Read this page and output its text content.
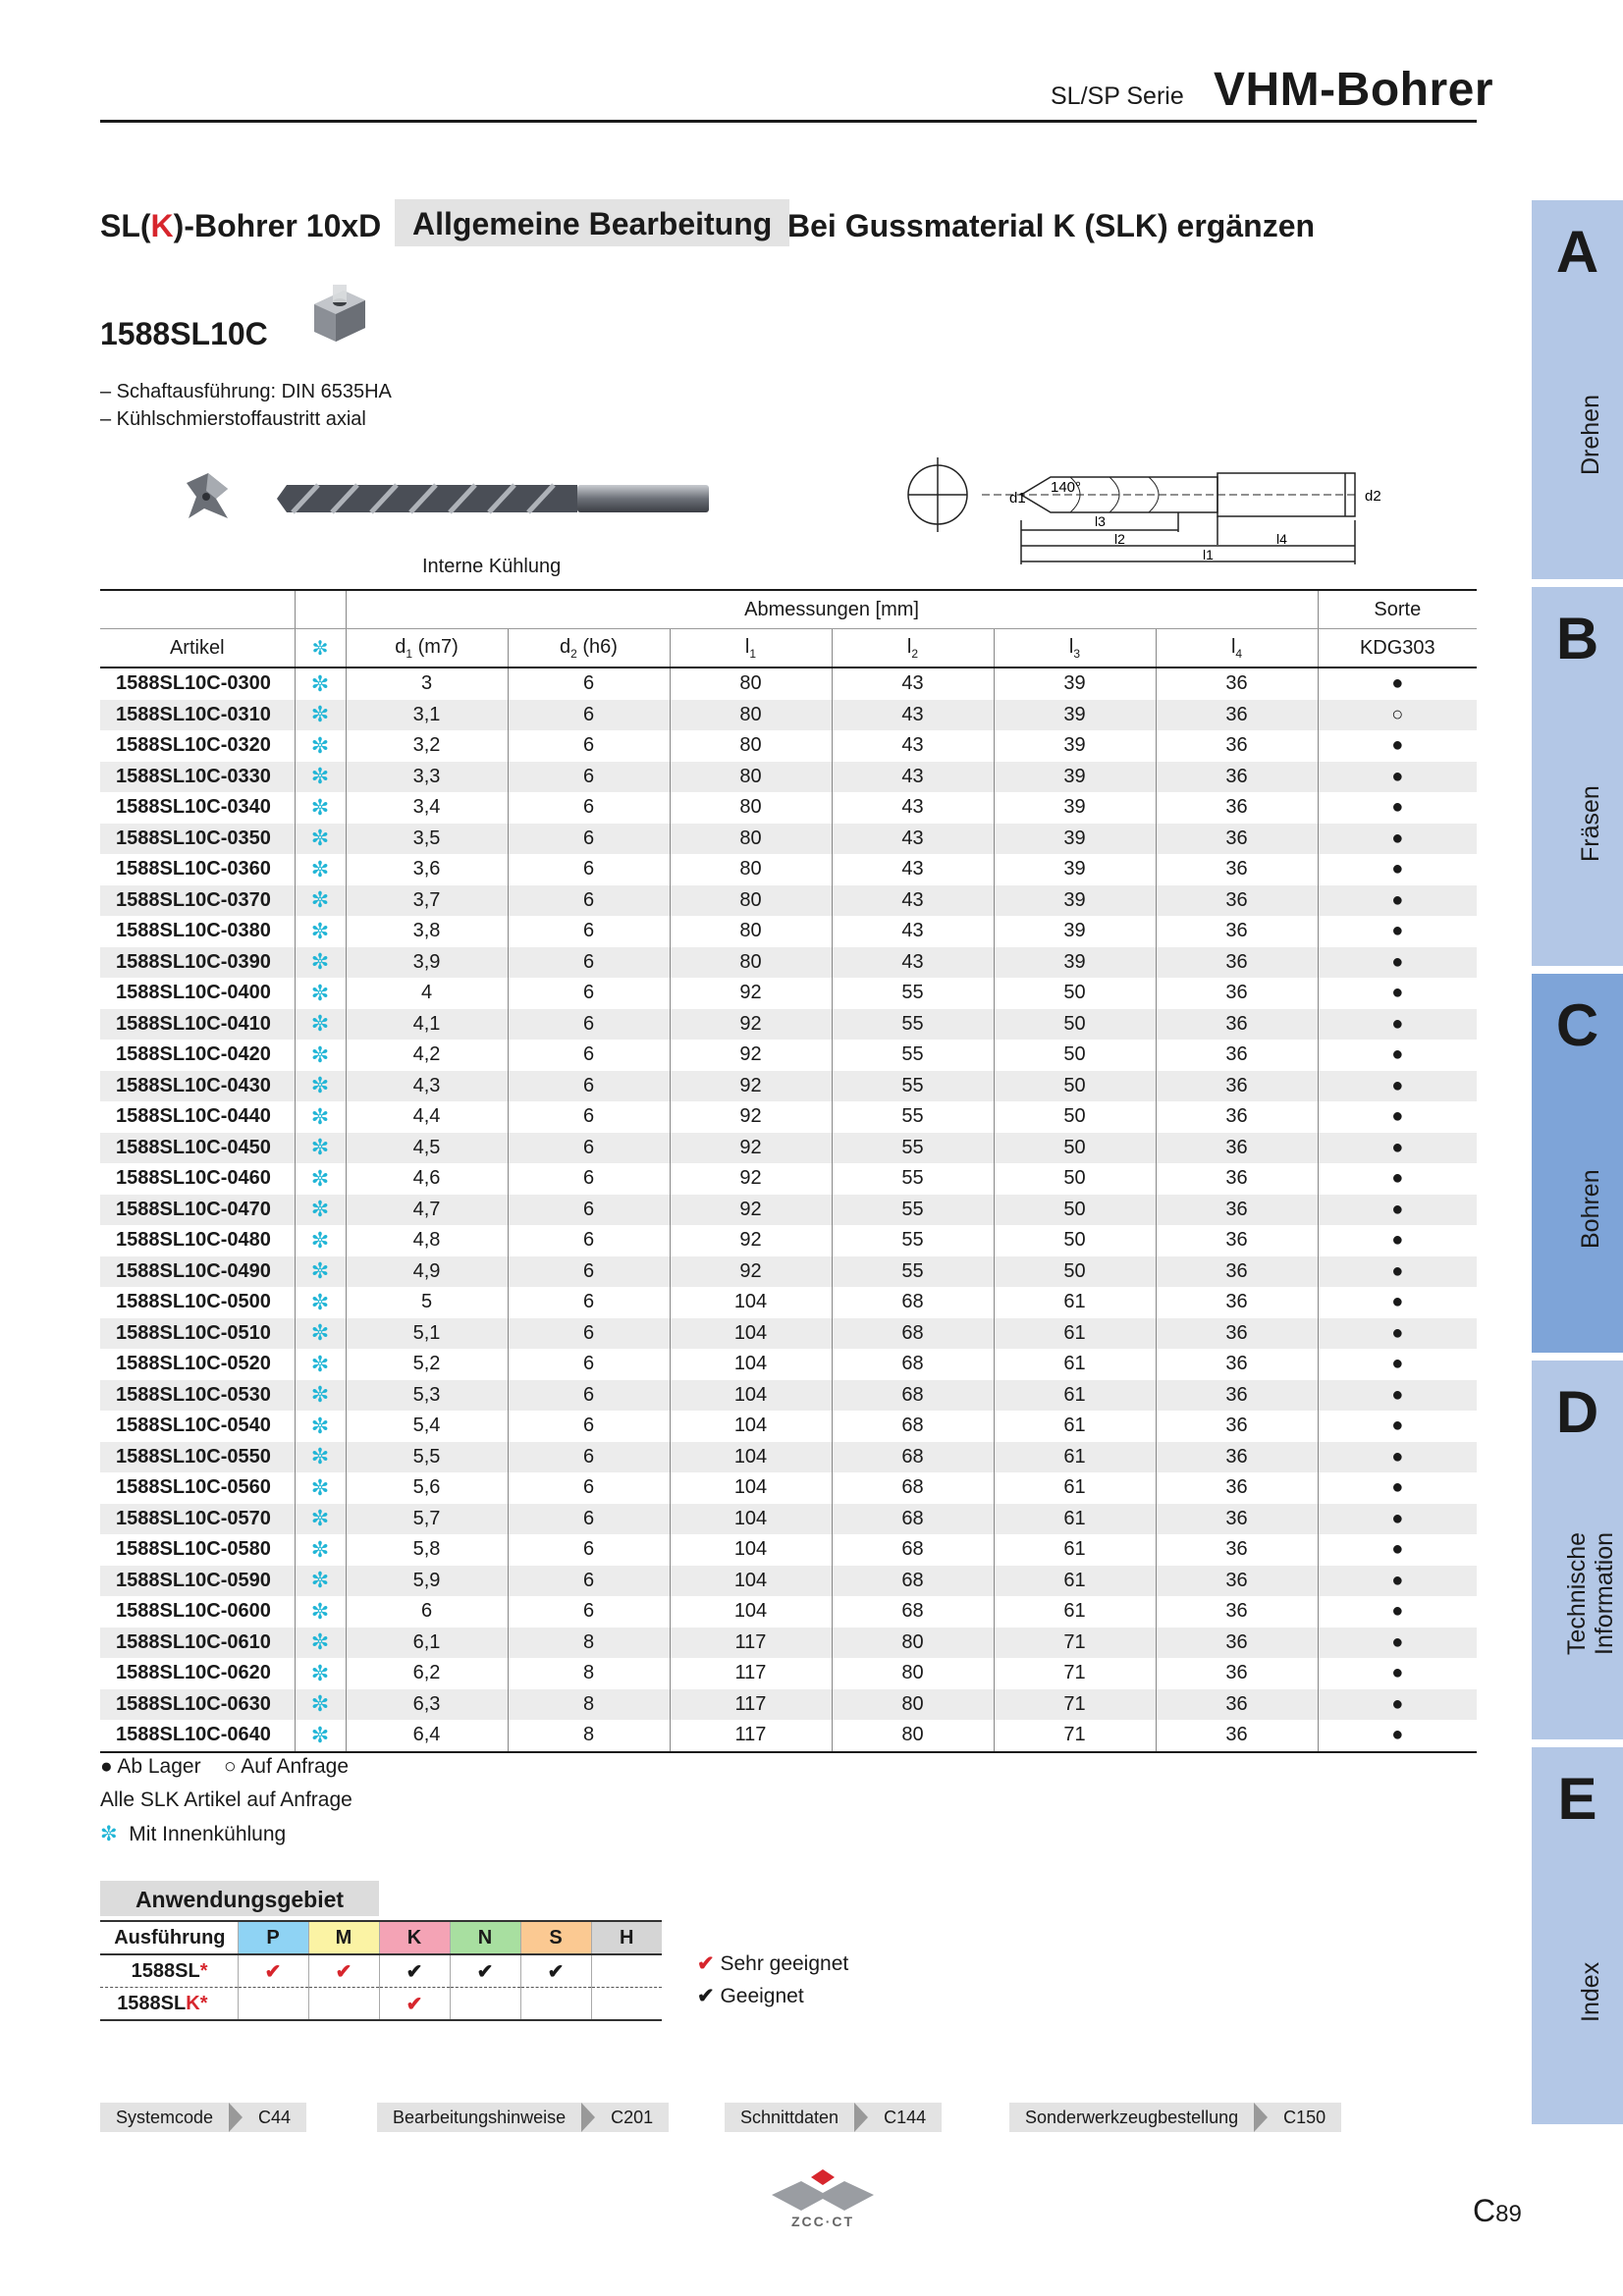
SL/SP Serie VHM-Bohrer
SL(K)-Bohrer 10xD Allgemeine Bearbeitung Bei Gussmaterial K (SLK) ergänzen
1588SL10C
– Schaftausführung: DIN 6535HA
– Kühlschmierstoffaustritt axial
Interne Kühlung
140°
d1	d2
l3
l2	l4
l1
		Abmessungen [mm]						Sorte
Artikel	✼	$d_1$ (m7)	$d_2$ (h6)	$l_1$	$l_2$	$l_3$	$l_4$	KDG303
1588SL10C-0300	✼	3	6	80	43	39	36	●
1588SL10C-0310	✼	3,1	6	80	43	39	36	○
1588SL10C-0320	✼	3,2	6	80	43	39	36	●
1588SL10C-0330	✼	3,3	6	80	43	39	36	●
1588SL10C-0340	✼	3,4	6	80	43	39	36	●
1588SL10C-0350	✼	3,5	6	80	43	39	36	●
1588SL10C-0360	✼	3,6	6	80	43	39	36	●
1588SL10C-0370	✼	3,7	6	80	43	39	36	●
1588SL10C-0380	✼	3,8	6	80	43	39	36	●
1588SL10C-0390	✼	3,9	6	80	43	39	36	●
1588SL10C-0400	✼	4	6	92	55	50	36	●
1588SL10C-0410	✼	4,1	6	92	55	50	36	●
1588SL10C-0420	✼	4,2	6	92	55	50	36	●
1588SL10C-0430	✼	4,3	6	92	55	50	36	●
1588SL10C-0440	✼	4,4	6	92	55	50	36	●
1588SL10C-0450	✼	4,5	6	92	55	50	36	●
1588SL10C-0460	✼	4,6	6	92	55	50	36	●
1588SL10C-0470	✼	4,7	6	92	55	50	36	●
1588SL10C-0480	✼	4,8	6	92	55	50	36	●
1588SL10C-0490	✼	4,9	6	92	55	50	36	●
1588SL10C-0500	✼	5	6	104	68	61	36	●
1588SL10C-0510	✼	5,1	6	104	68	61	36	●
1588SL10C-0520	✼	5,2	6	104	68	61	36	●
1588SL10C-0530	✼	5,3	6	104	68	61	36	●
1588SL10C-0540	✼	5,4	6	104	68	61	36	●
1588SL10C-0550	✼	5,5	6	104	68	61	36	●
1588SL10C-0560	✼	5,6	6	104	68	61	36	●
1588SL10C-0570	✼	5,7	6	104	68	61	36	●
1588SL10C-0580	✼	5,8	6	104	68	61	36	●
1588SL10C-0590	✼	5,9	6	104	68	61	36	●
1588SL10C-0600	✼	6	6	104	68	61	36	●
1588SL10C-0610	✼	6,1	8	117	80	71	36	●
1588SL10C-0620	✼	6,2	8	117	80	71	36	●
1588SL10C-0630	✼	6,3	8	117	80	71	36	●
1588SL10C-0640	✼	6,4	8	117	80	71	36	●
● Ab Lager ○ Auf Anfrage
Alle SLK Artikel auf Anfrage
✼ Mit Innenkühlung
Anwendungsgebiet
Ausführung	P	M	K	N	S	H
1588SL*	✔	✔	✔	✔	✔	
1588SLK*			✔			
✔ Sehr geeignet
✔ Geeignet
Systemcode	C44	Bearbeitungshinweise	C201	Schnittdaten	C144	Sonderwerkzeugbestellung	C150
ZCC·CT	C89
A
Drehen
B
Fräsen
C
Bohren
D
Technische Information
E
Index
